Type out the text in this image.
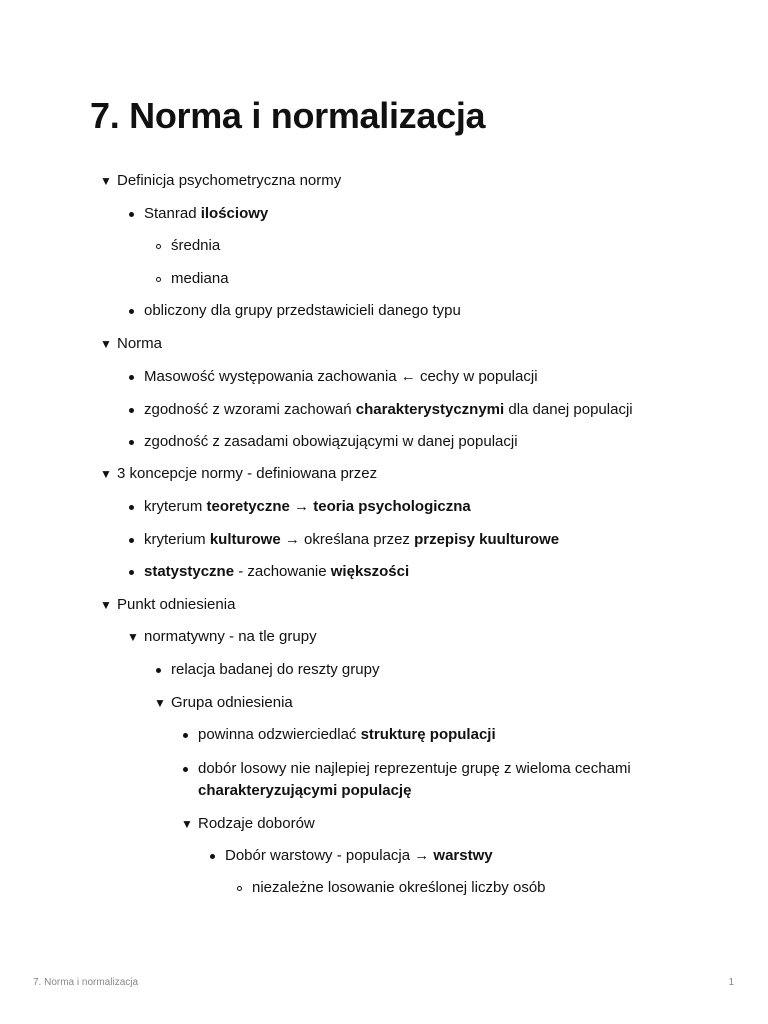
7. Norma i normalizacja
▼ Definicja psychometryczna normy
Stanrad ilościowy
średnia
mediana
obliczony dla grupy przedstawicieli danego typu
▼ Norma
Masowość występowania zachowania ← cechy w populacji
zgodność z wzorami zachowań charakterystycznymi dla danej populacji
zgodność z zasadami obowiązującymi w danej populacji
▼ 3 koncepcje normy - definiowana przez
kryterum teoretyczne → teoria psychologiczna
kryterium kulturowe → określana przez przepisy kuulturowe
statystyczne - zachowanie większości
▼ Punkt odniesienia
▼ normatywny - na tle grupy
relacja badanej do reszty grupy
▼ Grupa odniesienia
powinna odzwierciedlać strukturę populacji
dobór losowy nie najlepiej reprezentuje grupę z wieloma cechami charakteryzującymi populację
▼ Rodzaje doborów
Dobór warstowy - populacja → warstwy
niezależne losowanie określonej liczby osób
7. Norma i normalizacja	1
